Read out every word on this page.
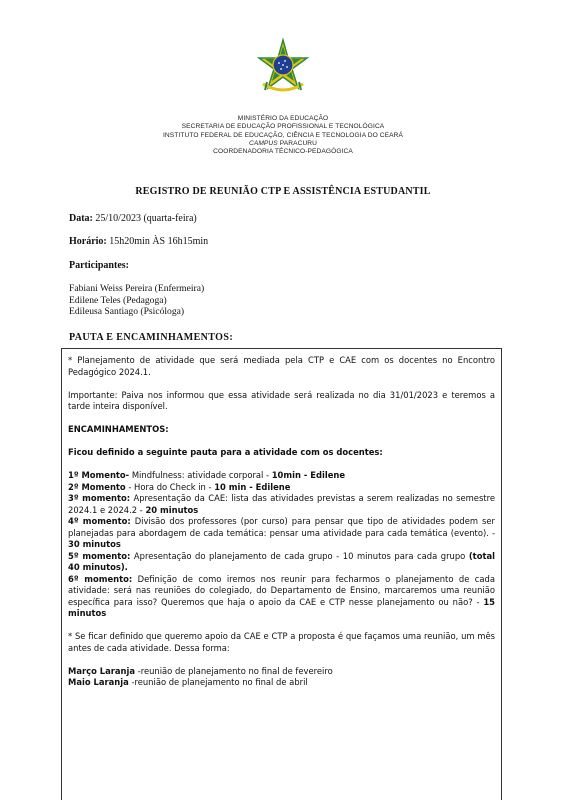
MINISTÉRIO DA EDUCAÇÃO
SECRETARIA DE EDUCAÇÃO PROFISSIONAL E TECNOLÓGICA
INSTITUTO FEDERAL DE EDUCAÇÃO, CIÊNCIA E TECNOLOGIA DO CEARÁ
CAMPUS PARACURU
COORDENADORIA TÉCNICO-PEDAGÓGICA
REGISTRO DE REUNIÃO CTP E ASSISTÊNCIA ESTUDANTIL
Data: 25/10/2023 (quarta-feira)
Horário: 15h20min ÀS 16h15min
Participantes:
Fabiani Weiss Pereira (Enfermeira)
Edilene Teles (Pedagoga)
Edileusa Santiago (Psicóloga)
PAUTA E ENCAMINHAMENTOS:

* Planejamento de atividade que será mediada pela CTP e CAE com os docentes no Encontro Pedagógico 2024.1.

Importante: Paiva nos informou que essa atividade será realizada no dia 31/01/2023 e teremos a tarde inteira disponível.

ENCAMINHAMENTOS:

Ficou definido a seguinte pauta para a atividade com os docentes:

1º Momento- Mindfulness: atividade corporal - 10min - Edilene

2º Momento - Hora do Check in - 10 min - Edilene

3º momento: Apresentação da CAE: lista das atividades previstas a serem realizadas no semestre 2024.1 e 2024.2 - 20 minutos

4º momento: Divisão dos professores (por curso) para pensar que tipo de atividades podem ser planejadas para abordagem de cada temática: pensar uma atividade para cada temática (evento). - 30 minutos

5º momento: Apresentação do planejamento de cada grupo - 10 minutos para cada grupo (total 40 minutos).

6º momento: Definição de como iremos nos reunir para fecharmos o planejamento de cada atividade: será nas reuniões do colegiado, do Departamento de Ensino, marcaremos uma reunião específica para isso? Queremos que haja o apoio da CAE e CTP nesse planejamento ou não? - 15 minutos

* Se ficar definido que queremo apoio da CAE e CTP a proposta é que façamos uma reunião, um mês antes de cada atividade. Dessa forma:

Março Laranja -reunião de planejamento no final de fevereiro

Maio Laranja -reunião de planejamento no final de abril
